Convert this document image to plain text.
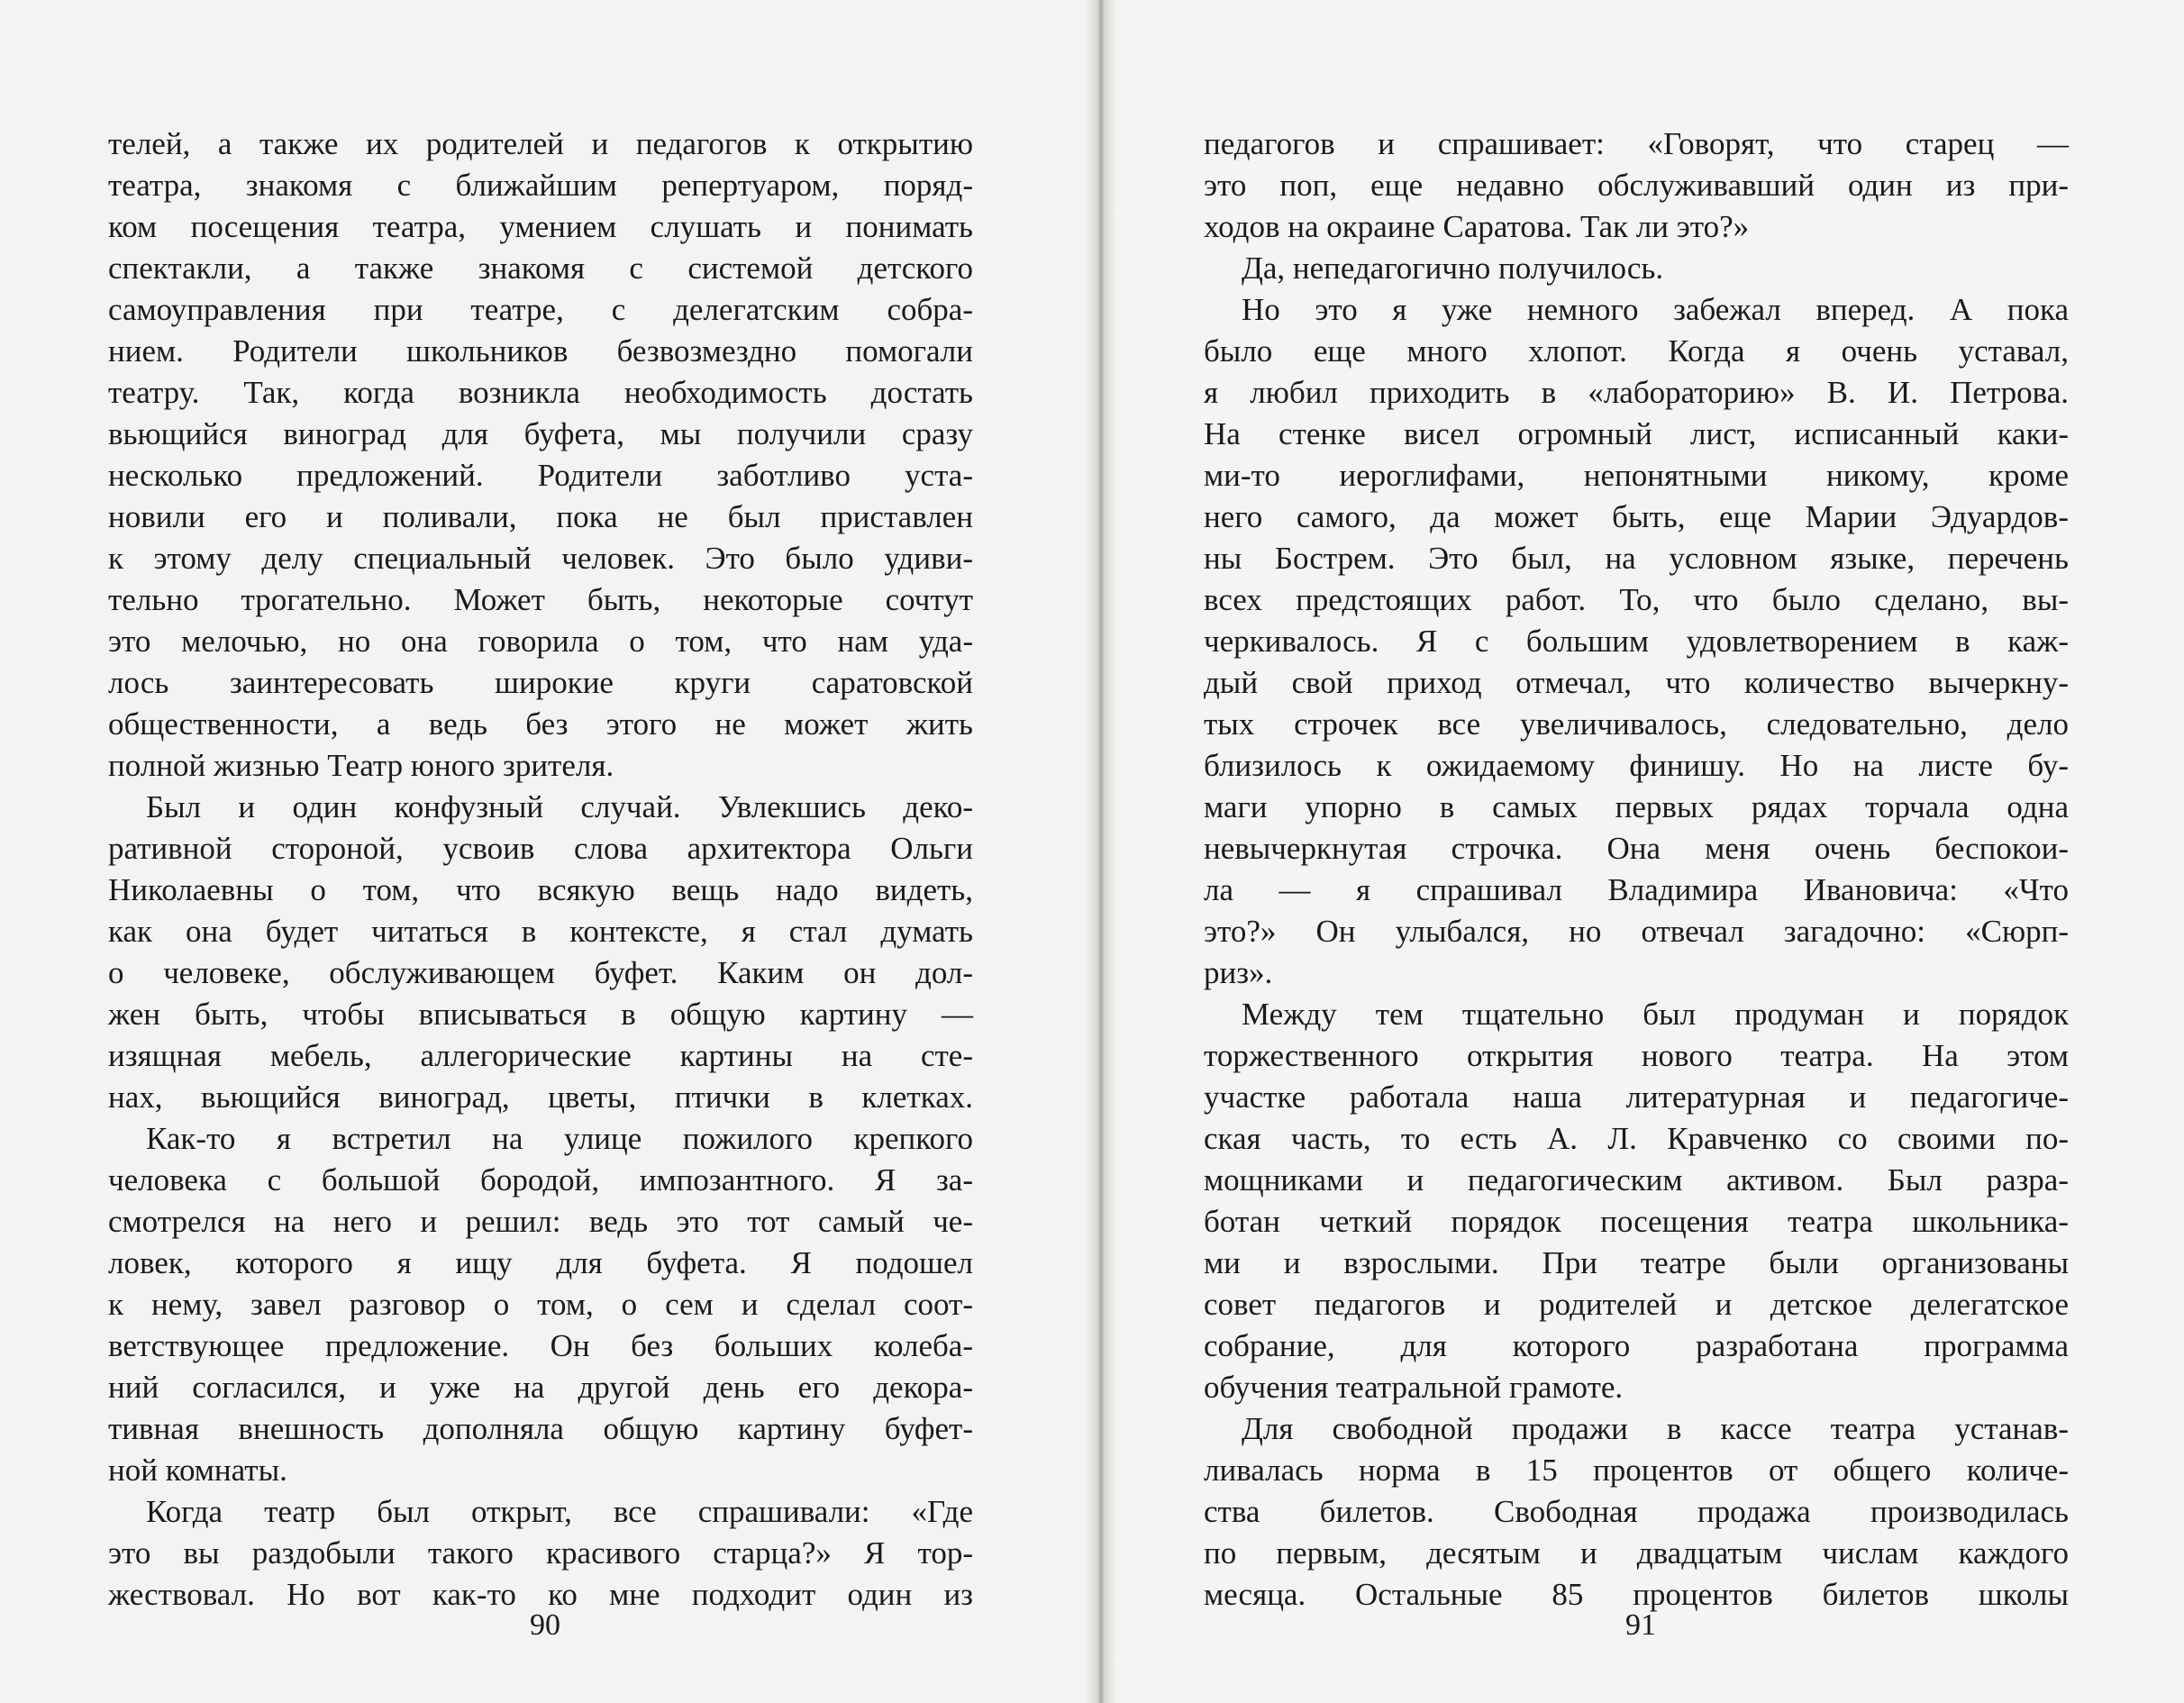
телей, а также их родителей и педагогов к открытию
театра, знакомя с ближайшим репертуаром, поряд-
ком посещения театра, умением слушать и понимать
спектакли, а также знакомя с системой детского
самоуправления при театре, с делегатским собра-
нием. Родители школьников безвозмездно помогали
театру. Так, когда возникла необходимость достать
вьющийся виноград для буфета, мы получили сразу
несколько предложений. Родители заботливо уста-
новили его и поливали, пока не был приставлен
к этому делу специальный человек. Это было удиви-
тельно трогательно. Может быть, некоторые сочтут
это мелочью, но она говорила о том, что нам уда-
лось заинтересовать широкие круги саратовской
общественности, а ведь без этого не может жить
полной жизнью Театр юного зрителя.
Был и один конфузный случай. Увлекшись деко-
ративной стороной, усвоив слова архитектора Ольги
Николаевны о том, что всякую вещь надо видеть,
как она будет читаться в контексте, я стал думать
о человеке, обслуживающем буфет. Каким он дол-
жен быть, чтобы вписываться в общую картину —
изящная мебель, аллегорические картины на сте-
нах, вьющийся виноград, цветы, птички в клетках.
Как-то я встретил на улице пожилого крепкого
человека с большой бородой, импозантного. Я за-
смотрелся на него и решил: ведь это тот самый че-
ловек, которого я ищу для буфета. Я подошел
к нему, завел разговор о том, о сем и сделал соот-
ветствующее предложение. Он без больших колеба-
ний согласился, и уже на другой день его декора-
тивная внешность дополняла общую картину буфет-
ной комнаты.
Когда театр был открыт, все спрашивали: «Где
это вы раздобыли такого красивого старца?» Я тор-
жествовал. Но вот как-то ко мне подходит один из
90
педагогов и спрашивает: «Говорят, что старец —
это поп, еще недавно обслуживавший один из при-
ходов на окраине Саратова. Так ли это?»
Да, непедагогично получилось.
Но это я уже немного забежал вперед. А пока
было еще много хлопот. Когда я очень уставал,
я любил приходить в «лабораторию» В. И. Петрова.
На стенке висел огромный лист, исписанный каки-
ми-то иероглифами, непонятными никому, кроме
него самого, да может быть, еще Марии Эдуардов-
ны Бострем. Это был, на условном языке, перечень
всех предстоящих работ. То, что было сделано, вы-
черкивалось. Я с большим удовлетворением в каж-
дый свой приход отмечал, что количество вычеркну-
тых строчек все увеличивалось, следовательно, дело
близилось к ожидаемому финишу. Но на листе бу-
маги упорно в самых первых рядах торчала одна
невычеркнутая строчка. Она меня очень беспокои-
ла — я спрашивал Владимира Ивановича: «Что
это?» Он улыбался, но отвечал загадочно: «Сюрп-
риз».
Между тем тщательно был продуман и порядок
торжественного открытия нового театра. На этом
участке работала наша литературная и педагогиче-
ская часть, то есть А. Л. Кравченко со своими по-
мощниками и педагогическим активом. Был разра-
ботан четкий порядок посещения театра школьника-
ми и взрослыми. При театре были организованы
совет педагогов и родителей и детское делегатское
собрание, для которого разработана программа
обучения театральной грамоте.
Для свободной продажи в кассе театра устанав-
ливалась норма в 15 процентов от общего количе-
ства билетов. Свободная продажа производилась
по первым, десятым и двадцатым числам каждого
месяца. Остальные 85 процентов билетов школы
91
